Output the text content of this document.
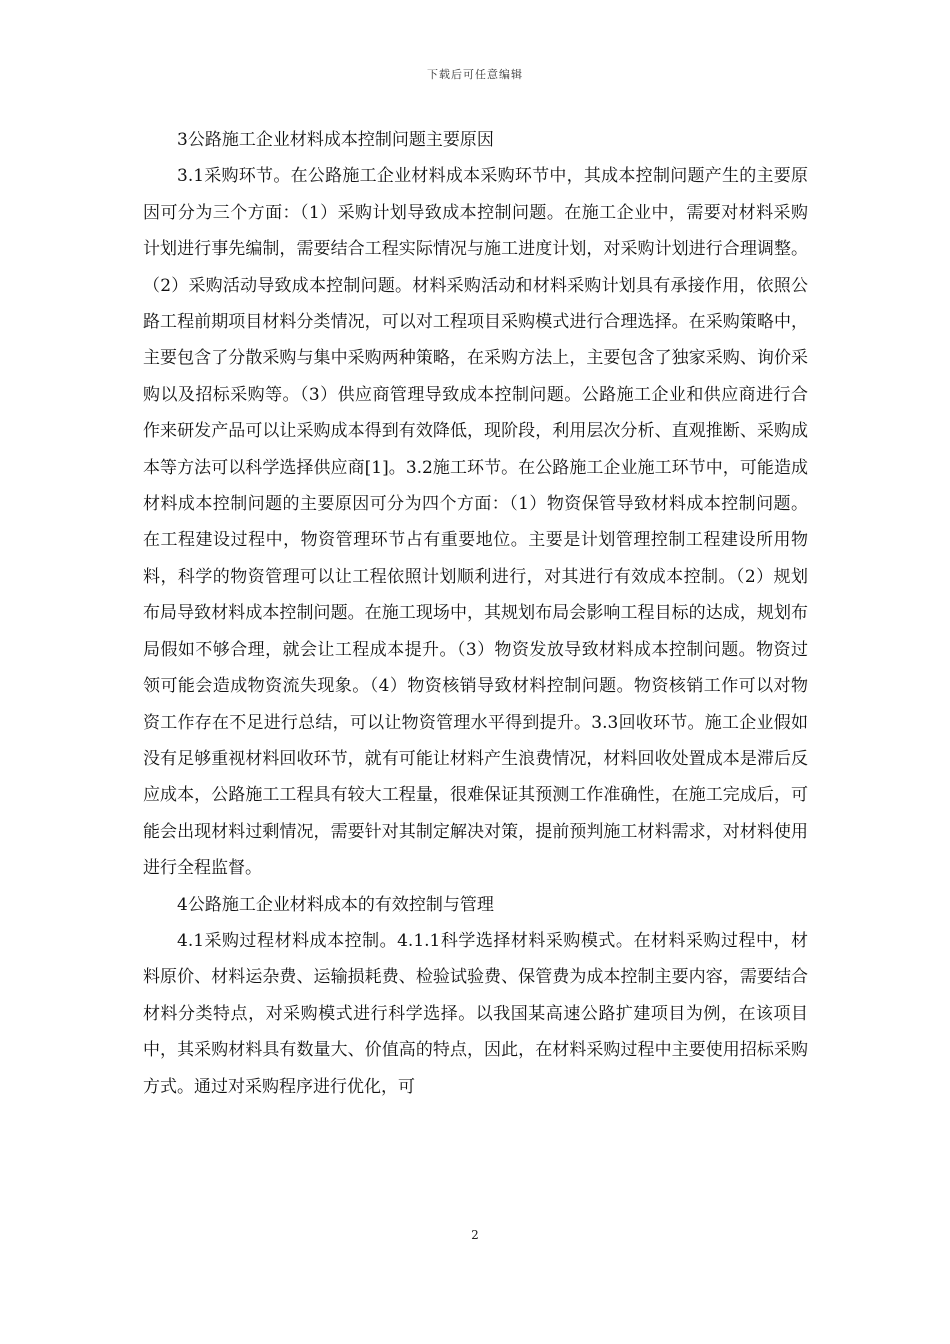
下载后可任意编辑

3公路施工企业材料成本控制问题主要原因

3.1采购环节。在公路施工企业材料成本采购环节中，其成本控制问题产生的主要原因可分为三个方面：（1）采购计划导致成本控制问题。在施工企业中，需要对材料采购计划进行事先编制，需要结合工程实际情况与施工进度计划，对采购计划进行合理调整。（2）采购活动导致成本控制问题。材料采购活动和材料采购计划具有承接作用，依照公路工程前期项目材料分类情况，可以对工程项目采购模式进行合理选择。在采购策略中，主要包含了分散采购与集中采购两种策略，在采购方法上，主要包含了独家采购、询价采购以及招标采购等。（3）供应商管理导致成本控制问题。公路施工企业和供应商进行合作来研发产品可以让采购成本得到有效降低，现阶段，利用层次分析、直观推断、采购成本等方法可以科学选择供应商[1]。3.2施工环节。在公路施工企业施工环节中，可能造成材料成本控制问题的主要原因可分为四个方面：（1）物资保管导致材料成本控制问题。在工程建设过程中，物资管理环节占有重要地位。主要是计划管理控制工程建设所用物料，科学的物资管理可以让工程依照计划顺利进行，对其进行有效成本控制。（2）规划布局导致材料成本控制问题。在施工现场中，其规划布局会影响工程目标的达成，规划布局假如不够合理，就会让工程成本提升。（3）物资发放导致材料成本控制问题。物资过领可能会造成物资流失现象。（4）物资核销导致材料控制问题。物资核销工作可以对物资工作存在不足进行总结，可以让物资管理水平得到提升。3.3回收环节。施工企业假如没有足够重视材料回收环节，就有可能让材料产生浪费情况，材料回收处置成本是滞后反应成本，公路施工工程具有较大工程量，很难保证其预测工作准确性，在施工完成后，可能会出现材料过剩情况，需要针对其制定解决对策，提前预判施工材料需求，对材料使用进行全程监督。

4公路施工企业材料成本的有效控制与管理

4.1采购过程材料成本控制。4.1.1科学选择材料采购模式。在材料采购过程中，材料原价、材料运杂费、运输损耗费、检验试验费、保管费为成本控制主要内容，需要结合材料分类特点，对采购模式进行科学选择。以我国某高速公路扩建项目为例，在该项目中，其采购材料具有数量大、价值高的特点，因此，在材料采购过程中主要使用招标采购方式。通过对采购程序进行优化，可

2
